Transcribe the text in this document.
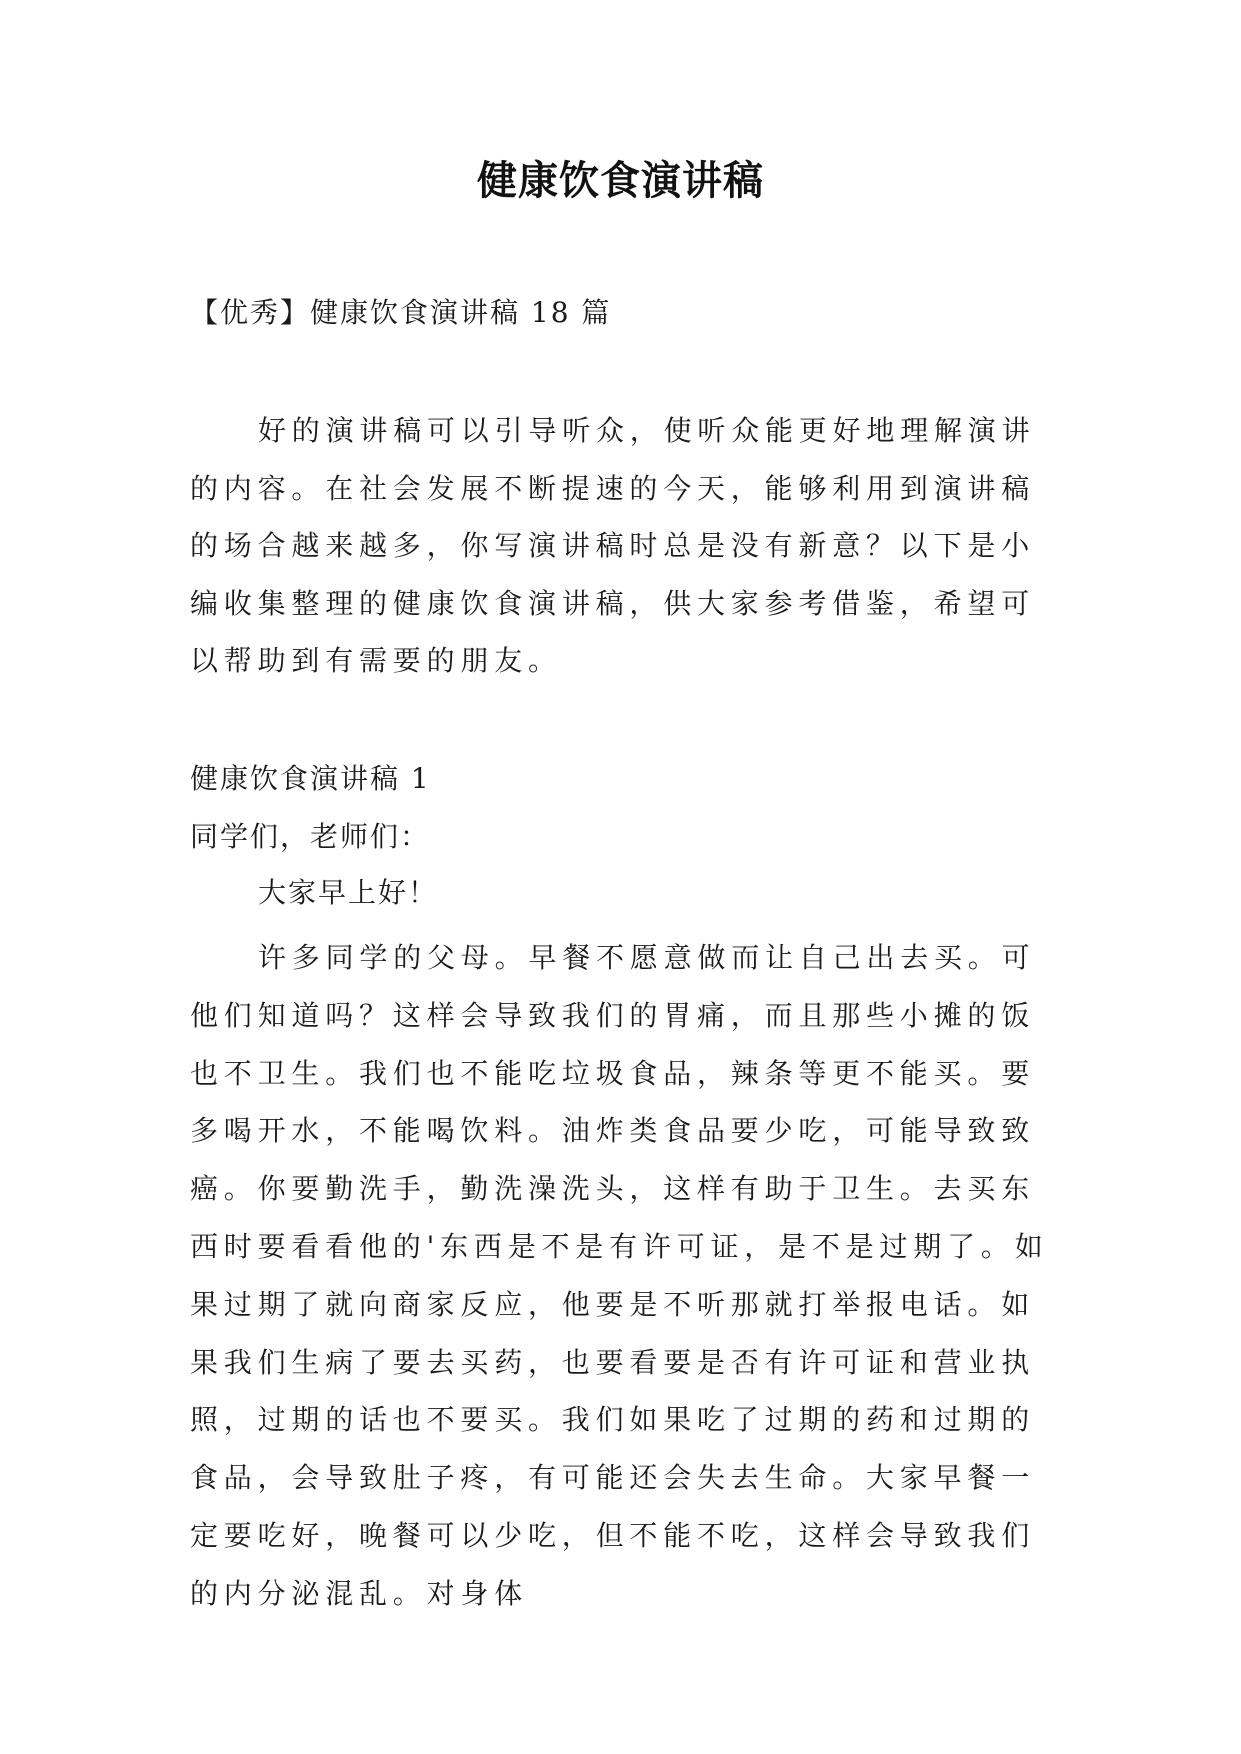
健康饮食演讲稿
【优秀】健康饮食演讲稿 18 篇
好的演讲稿可以引导听众，使听众能更好地理解演讲的内容。在社会发展不断提速的今天，能够利用到演讲稿的场合越来越多，你写演讲稿时总是没有新意？以下是小编收集整理的健康饮食演讲稿，供大家参考借鉴，希望可以帮助到有需要的朋友。
健康饮食演讲稿 1
同学们，老师们：
大家早上好！
许多同学的父母。早餐不愿意做而让自己出去买。可他们知道吗？这样会导致我们的胃痛，而且那些小摊的饭也不卫生。我们也不能吃垃圾食品，辣条等更不能买。要多喝开水，不能喝饮料。油炸类食品要少吃，可能导致致癌。你要勤洗手，勤洗澡洗头，这样有助于卫生。去买东西时要看看他的'东西是不是有许可证，是不是过期了。如果过期了就向商家反应，他要是不听那就打举报电话。如果我们生病了要去买药，也要看要是否有许可证和营业执照，过期的话也不要买。我们如果吃了过期的药和过期的食品，会导致肚子疼，有可能还会失去生命。大家早餐一定要吃好，晚餐可以少吃，但不能不吃，这样会导致我们的内分泌混乱。对身体
